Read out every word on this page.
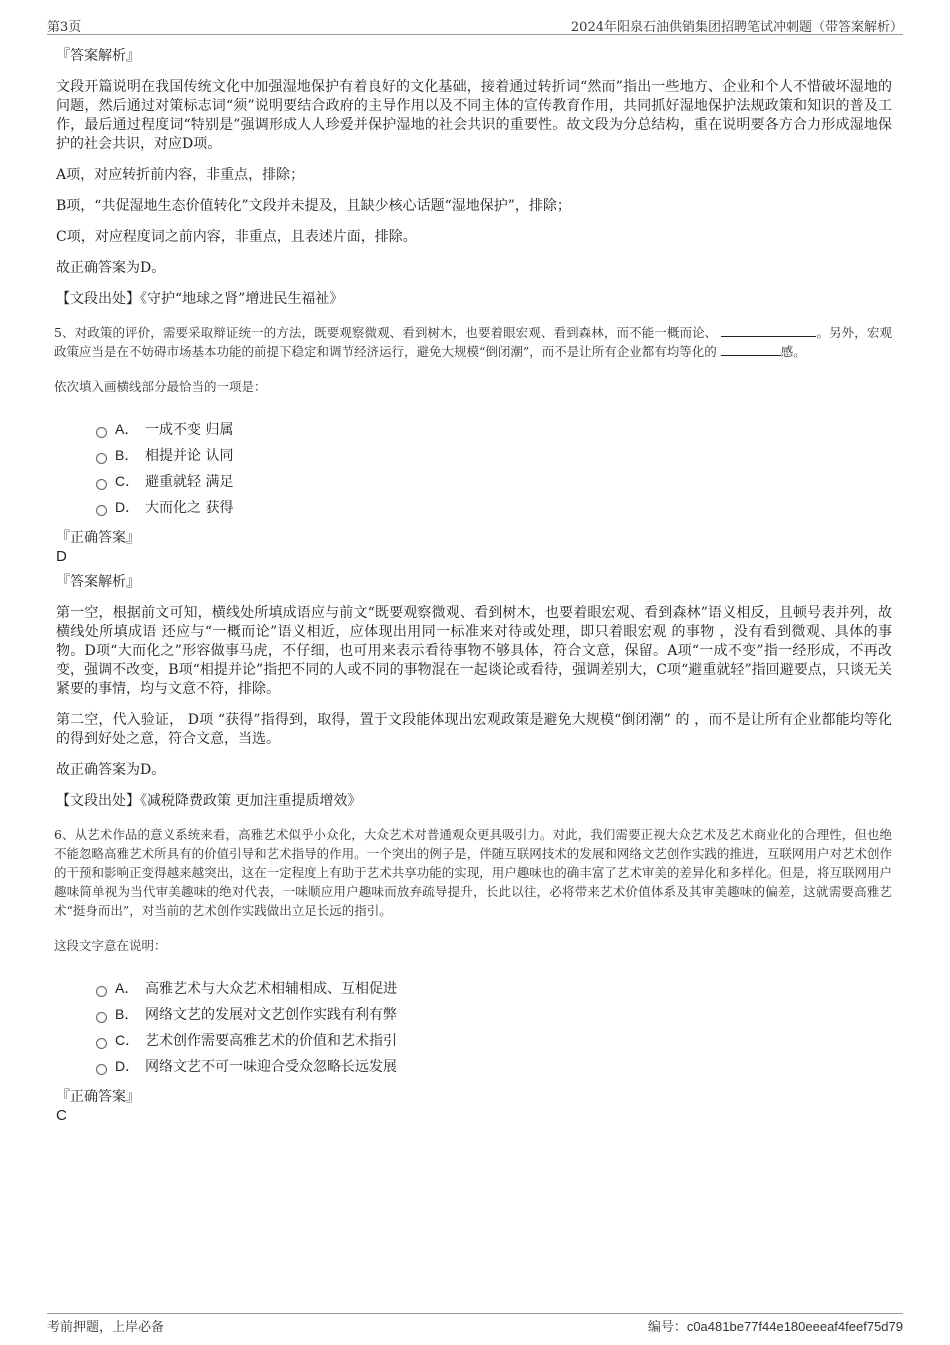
第3页	2024年阳泉石油供销集团招聘笔试冲刺题（带答案解析）
『答案解析』

文段开篇说明在我国传统文化中加强湿地保护有着良好的文化基础，接着通过转折词“然而”指出一些地方、企业和个人不惜破坏湿地的问题，然后通过对策标志词“须”说明要结合政府的主导作用以及不同主体的宣传教育作用，共同抓好湿地保护法规政策和知识的普及工作，最后通过程度词“特别是”强调形成人人珍爱并保护湿地的社会共识的重要性。故文段为分总结构，重在说明要各方合力形成湿地保护的社会共识，对应D项。

A项，对应转折前内容，非重点，排除；

B项，“共促湿地生态价值转化”文段并未提及，且缺少核心话题“湿地保护”，排除；

C项，对应程度词之前内容，非重点，且表述片面，排除。

故正确答案为D。

【文段出处】《守护“地球之肾”增进民生福祉》

5、对政策的评价，需要采取辩证统一的方法，既要观察微观、看到树木，也要着眼宏观、看到森林，而不能一概而论、	。另外，宏观政策应当是在不妨碍市场基本功能的前提下稳定和调节经济运行，避免大规模“倒闭潮”，而不是让所有企业都有均等化的	感。

依次填入画横线部分最恰当的一项是：
A． 一成不变 归属
B． 相提并论 认同
C． 避重就轻 满足
D． 大而化之 获得
『正确答案』
D
『答案解析』

第一空，根据前文可知，横线处所填成语应与前文“既要观察微观、看到树木，也要着眼宏观、看到森林”语义相反，且顿号表并列，故 横线处所填成语 还应与“一概而论”语义相近，应体现出用同一标准来对待或处理，即只着眼宏观 的事物 ，没有看到微观、具体的事物。D项“大而化之”形容做事马虎，不仔细，也可用来表示看待事物不够具体，符合文意，保留。A项“一成不变”指一经形成，不再改变，强调不改变，B项“相提并论”指把不同的人或不同的事物混在一起谈论或看待，强调差别大，C项“避重就轻”指回避要点，只谈无关紧要的事情，均与文意不符，排除。

第二空，代入验证， D项 “获得”指得到，取得，置于文段能体现出宏观政策是避免大规模“倒闭潮” 的 ，而不是让所有企业都能均等化的得到好处之意，符合文意，当选。

故正确答案为D。

【文段出处】《减税降费政策 更加注重提质增效》

6、从艺术作品的意义系统来看，高雅艺术似乎小众化，大众艺术对普通观众更具吸引力。对此，我们需要正视大众艺术及艺术商业化的合理性，但也绝不能忽略高雅艺术所具有的价值引导和艺术指导的作用。一个突出的例子是，伴随互联网技术的发展和网络文艺创作实践的推进，互联网用户对艺术创作的干预和影响正变得越来越突出，这在一定程度上有助于艺术共享功能的实现，用户趣味也的确丰富了艺术审美的差异化和多样化。但是，将互联网用户趣味简单视为当代审美趣味的绝对代表，一味顺应用户趣味而放弃疏导提升，长此以往，必将带来艺术价值体系及其审美趣味的偏差，这就需要高雅艺术“挺身而出”，对当前的艺术创作实践做出立足长远的指引。

这段文字意在说明：
A． 高雅艺术与大众艺术相辅相成、互相促进
B． 网络文艺的发展对文艺创作实践有利有弊
C． 艺术创作需要高雅艺术的价值和艺术指引
D． 网络文艺不可一味迎合受众忽略长远发展
『正确答案』
C
考前押题，上岸必备	编号：c0a481be77f44e180eeeaf4feef75d79
